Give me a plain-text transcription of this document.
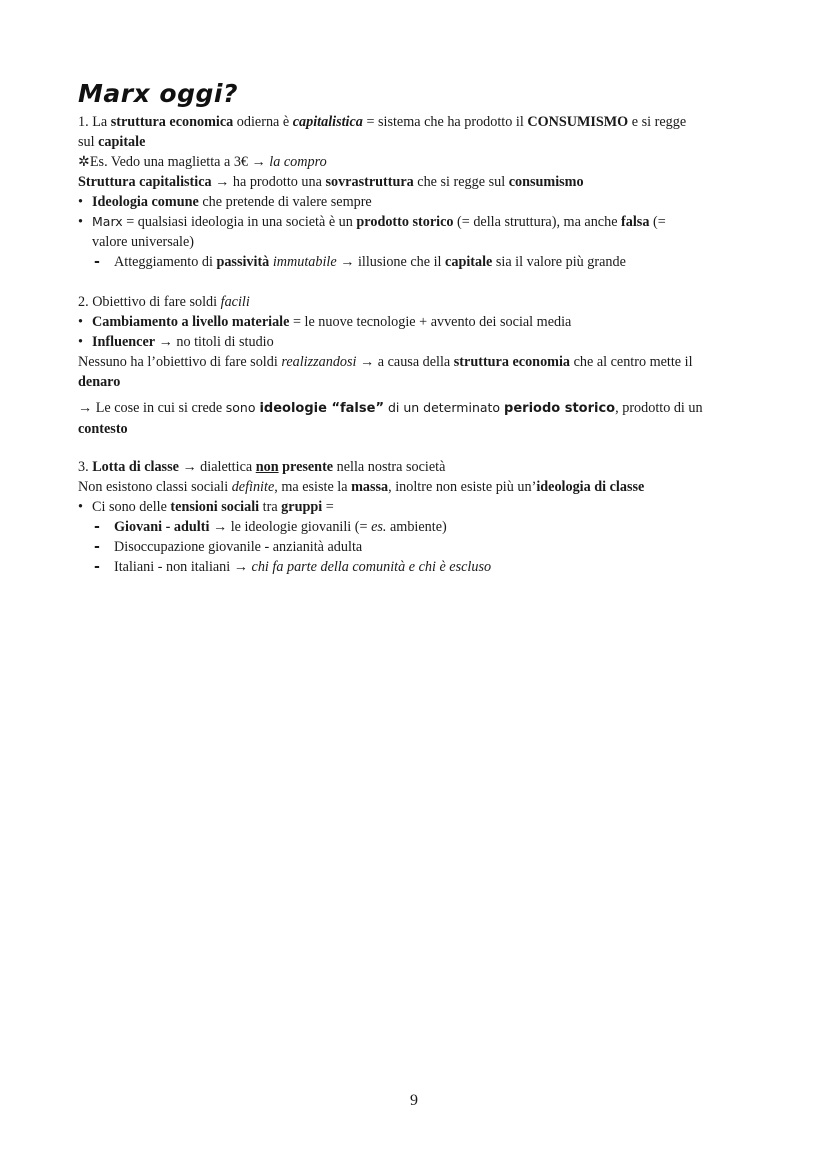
Marx oggi?

1. La struttura economica odierna è capitalistica = sistema che ha prodotto il CONSUMISMO e si regge

sul capitale

✲Es. Vedo una maglietta a 3€ → la compro

Struttura capitalistica → ha prodotto una sovrastruttura che si regge sul consumismo

• Ideologia comune che pretende di valere sempre

• Marx = qualsiasi ideologia in una società è un prodotto storico (= della struttura), ma anche falsa (=
valore universale)

- Atteggiamento di passività immutabile → illusione che il capitale sia il valore più grande

2. Obiettivo di fare soldi facili

• Cambiamento a livello materiale = le nuove tecnologie + avvento dei social media

• Influencer → no titoli di studio

Nessuno ha l’obiettivo di fare soldi realizzandosi → a causa della struttura economia che al centro mette il

denaro

→ Le cose in cui si crede sono ideologie “false” di un determinato periodo storico, prodotto di un contesto

3. Lotta di classe → dialettica non presente nella nostra società

Non esistono classi sociali definite, ma esiste la massa, inoltre non esiste più un’ideologia di classe

• Ci sono delle tensioni sociali tra gruppi =

- Giovani - adulti → le ideologie giovanili (= es. ambiente)

- Disoccupazione giovanile - anzianità adulta

- Italiani - non italiani → chi fa parte della comunità e chi è escluso

9
